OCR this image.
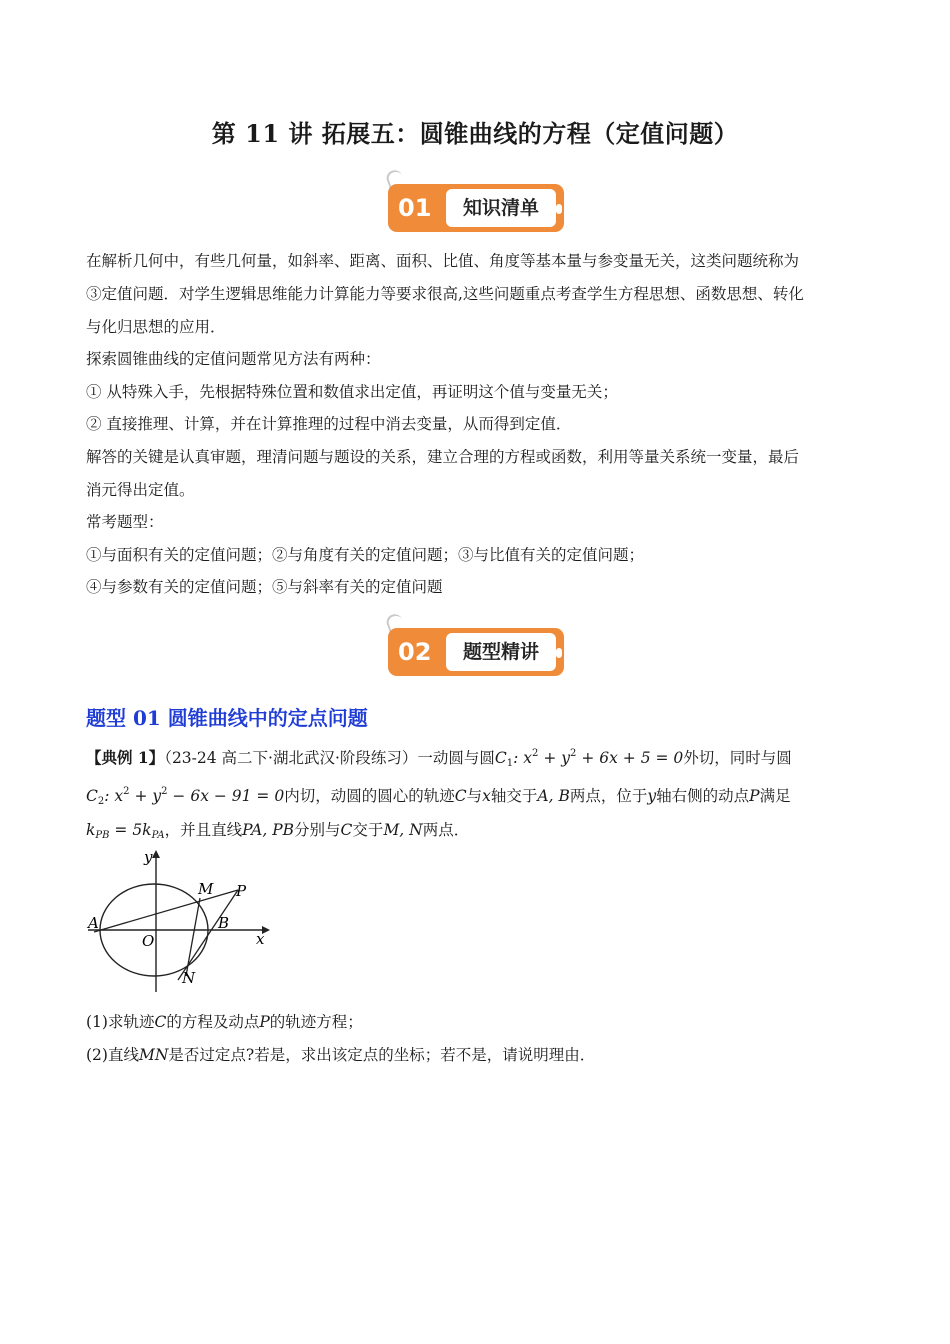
第 11 讲 拓展五：圆锥曲线的方程（定值问题）
01	知识清单
在解析几何中，有些几何量，如斜率、距离、面积、比值、角度等基本量与参变量无关，这类问题统称为
③定值问题．对学生逻辑思维能力计算能力等要求很高,这些问题重点考查学生方程思想、函数思想、转化
与化归思想的应用．
探索圆锥曲线的定值问题常见方法有两种：
① 从特殊入手，先根据特殊位置和数值求出定值，再证明这个值与变量无关；
② 直接推理、计算，并在计算推理的过程中消去变量，从而得到定值．
解答的关键是认真审题，理清问题与题设的关系，建立合理的方程或函数，利用等量关系统一变量，最后
消元得出定值。
常考题型：
①与面积有关的定值问题；②与角度有关的定值问题；③与比值有关的定值问题；
④与参数有关的定值问题；⑤与斜率有关的定值问题
02	题型精讲
题型 01 圆锥曲线中的定点问题
【典例 1】（23-24 高二下·湖北武汉·阶段练习）一动圆与圆$C_1$: $x^2 + y^2 + 6x + 5 = 0$外切，同时与圆
$C_2$: $x^2 + y^2 - 6x - 91 = 0$内切，动圆的圆心的轨迹C与x轴交于A, B两点，位于y轴右侧的动点P满足
$k_{PB} = 5k_{PA}$，并且直线PA, PB分别与C交于M, N两点．
y
x
O
A	B
M
N
P
(1)求轨迹C的方程及动点P的轨迹方程；
(2)直线MN是否过定点?若是，求出该定点的坐标；若不是，请说明理由．
